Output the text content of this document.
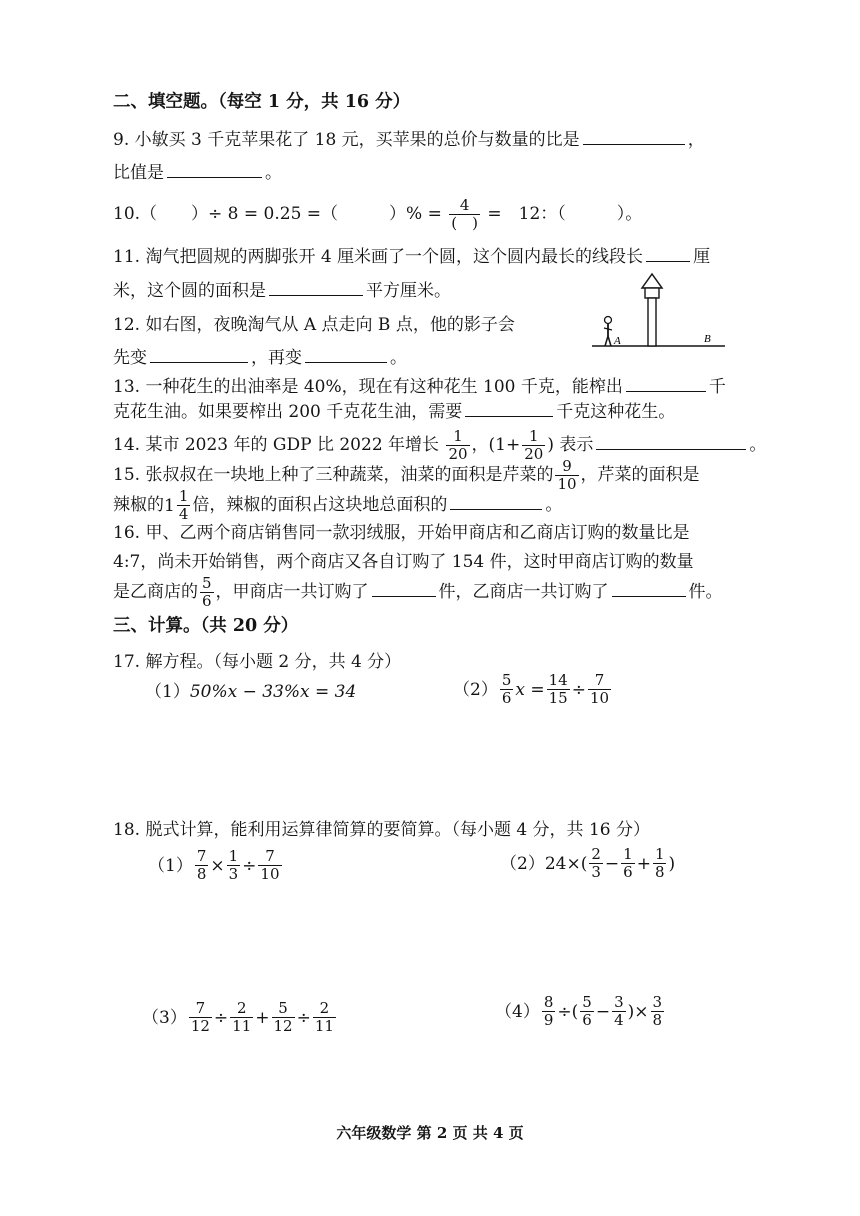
二、填空题。（每空 1 分，共 16 分）
9. 小敏买 3 千克苹果花了 18 元，买苹果的总价与数量的比是	，
比值是	。
10.（　　）÷ 8 = 0.25 =（　　　）% = $\frac{4}{( )}$ =　12：（　　　）。
11. 淘气把圆规的两脚张开 4 厘米画了一个圆，这个圆内最长的线段长	厘
米，这个圆的面积是	平方厘米。
12. 如右图，夜晚淘气从 A 点走向 B 点，他的影子会
先变	，再变	。
A	B
13. 一种花生的出油率是 40%，现在有这种花生 100 千克，能榨出	千
克花生油。如果要榨出 200 千克花生油，需要	千克这种花生。
14. 某市 2023 年的 GDP 比 2022 年增长 $\frac{1}{20}$ ，($1+ \frac{1}{20}$ ) 表示	。
15. 张叔叔在一块地上种了三种蔬菜，油菜的面积是芹菜的 $\frac{9}{10}$ ，芹菜的面积是
辣椒的 $1 \frac{1}{4}$ 倍，辣椒的面积占这块地总面积的	。
16. 甲、乙两个商店销售同一款羽绒服，开始甲商店和乙商店订购的数量比是
4:7，尚未开始销售，两个商店又各自订购了 154 件，这时甲商店订购的数量
是乙商店的 $\frac{5}{6}$ ，甲商店一共订购了	件，乙商店一共订购了	件。
三、计算。（共 20 分）
17. 解方程。（每小题 2 分，共 4 分）
（1）50%x − 33%x = 34	$(2) \frac{5}{6}$ $x = \frac{14}{15} \div \frac{7}{10}$
18. 脱式计算，能利用运算律简算的要简算。（每小题 4 分，共 16 分）
$(1) \frac{7}{8} \times \frac{1}{3} \div \frac{7}{10}$	（2） $24\times( \frac{2}{3} - \frac{1}{6} + \frac{1}{8}$ )
$(3) \frac{7}{12} \div \frac{2}{11} + \frac{5}{12} \div \frac{2}{11}$	$(4) \frac{8}{9}$ ÷( $\frac{5}{6} - \frac{3}{4}$ )× $\frac{3}{8}$
六年级数学 第 2 页 共 4 页
